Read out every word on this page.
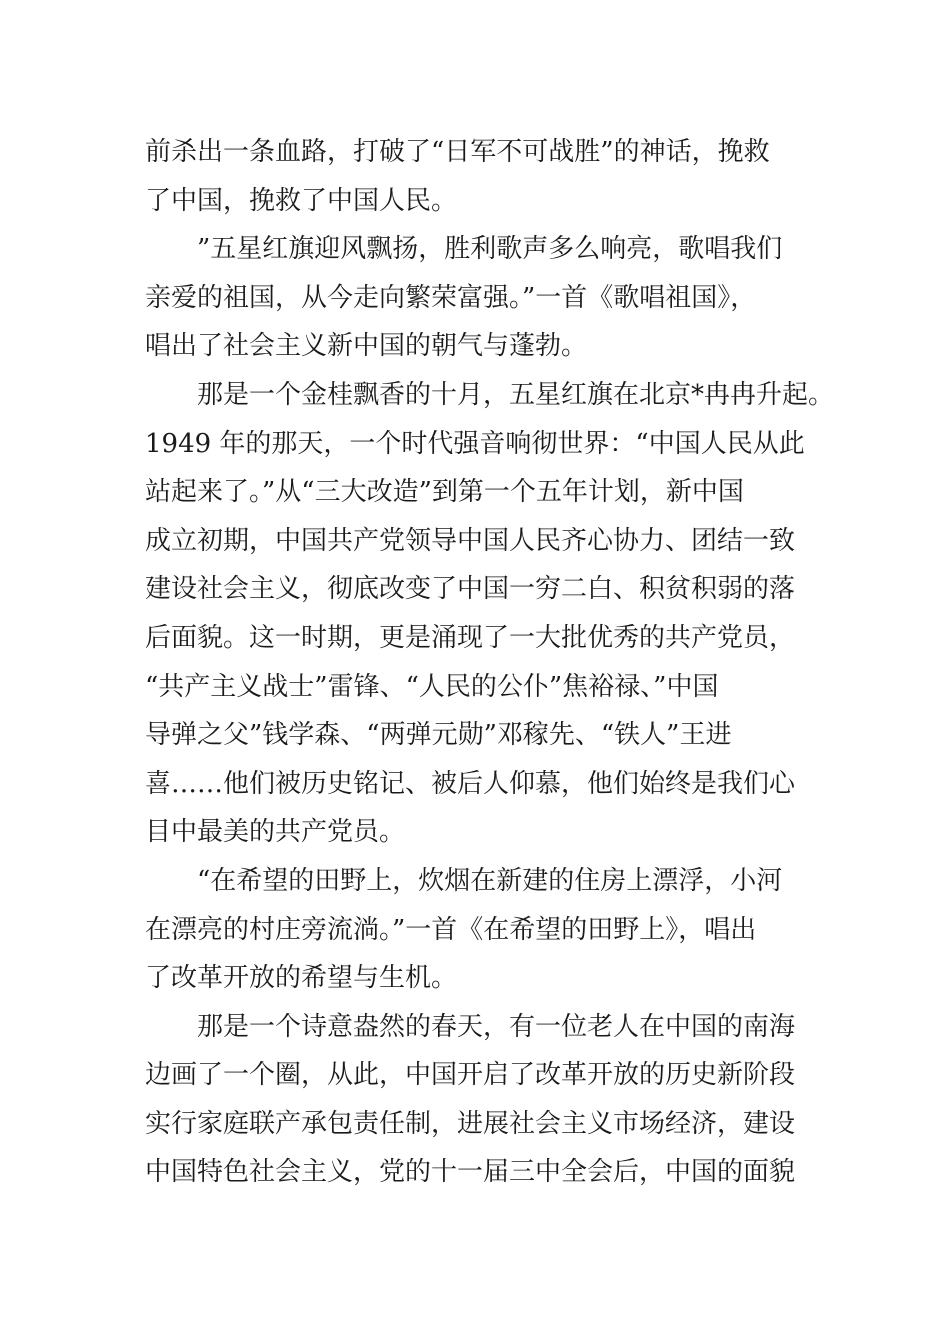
前杀出一条血路，打破了“日军不可战胜”的神话，挽救
了中国，挽救了中国人民。
”五星红旗迎风飘扬，胜利歌声多么响亮，歌唱我们
亲爱的祖国，从今走向繁荣富强。”一首《歌唱祖国》，
唱出了社会主义新中国的朝气与蓬勃。
那是一个金桂飘香的十月，五星红旗在北京*冉冉升起。
1949 年的那天，一个时代强音响彻世界：“中国人民从此
站起来了。”从“三大改造”到第一个五年计划，新中国
成立初期，中国共产党领导中国人民齐心协力、团结一致
建设社会主义，彻底改变了中国一穷二白、积贫积弱的落
后面貌。这一时期，更是涌现了一大批优秀的共产党员，
“共产主义战士”雷锋、“人民的公仆”焦裕禄、”中国
导弹之父”钱学森、“两弹元勋”邓稼先、“铁人”王进
喜……他们被历史铭记、被后人仰慕，他们始终是我们心
目中最美的共产党员。
“在希望的田野上，炊烟在新建的住房上漂浮，小河
在漂亮的村庄旁流淌。”一首《在希望的田野上》，唱出
了改革开放的希望与生机。
那是一个诗意盎然的春天，有一位老人在中国的南海
边画了一个圈，从此，中国开启了改革开放的历史新阶段
实行家庭联产承包责任制，进展社会主义市场经济，建设
中国特色社会主义，党的十一届三中全会后，中国的面貌
